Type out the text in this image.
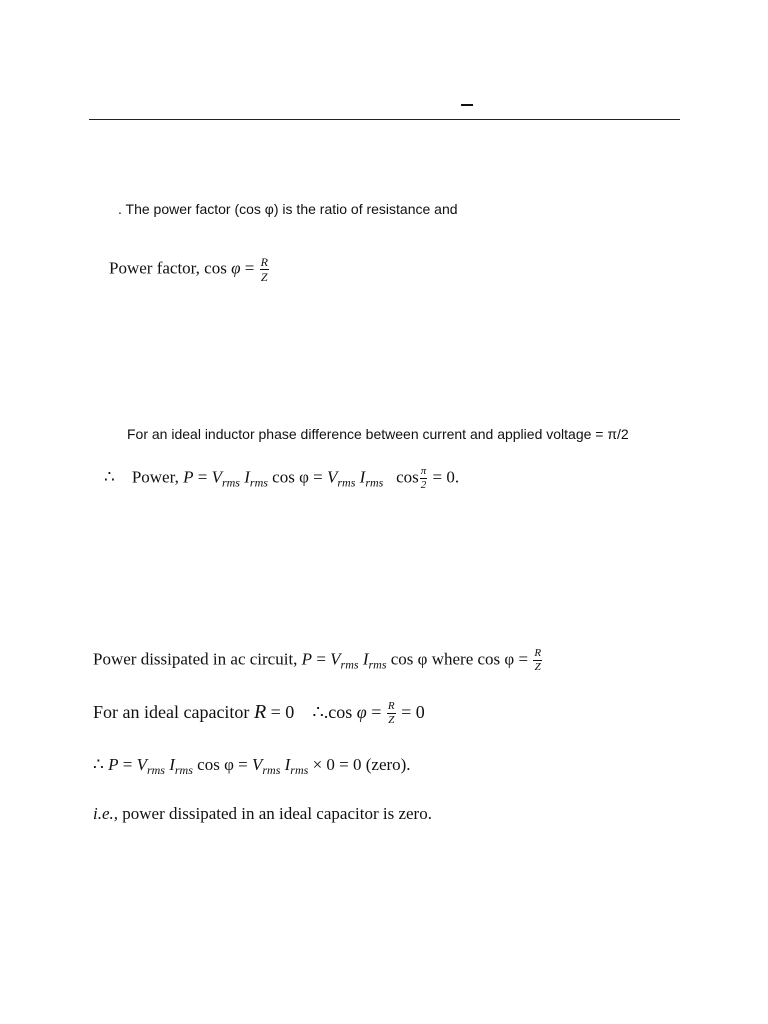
. The power factor (cos φ) is the ratio of resistance and
Power factor, $\cos \varphi = \frac{R}{Z}$
For an ideal inductor phase difference between current and applied voltage = π/2
∴ Power, $P = V_{rms}$ $I_{rms}$ $\cos \varphi = V_{rms}$ $I_{rms}$ $\cos \frac{\pi}{2} = 0$.
Power dissipated in ac circuit, $P = V_{rms}$ $I_{rms}$ cos φ where $\cos \varphi = \frac{R}{Z}$
For an ideal capacitor R = 0 ∴.cos $\varphi = \frac{R}{Z} = 0$
∴ $P = V_{rms}$ $I_{rms}$ $\cos \varphi = V_{rms}$ $I_{rms} \times 0 = 0$ (zero).
i.e., power dissipated in an ideal capacitor is zero.
